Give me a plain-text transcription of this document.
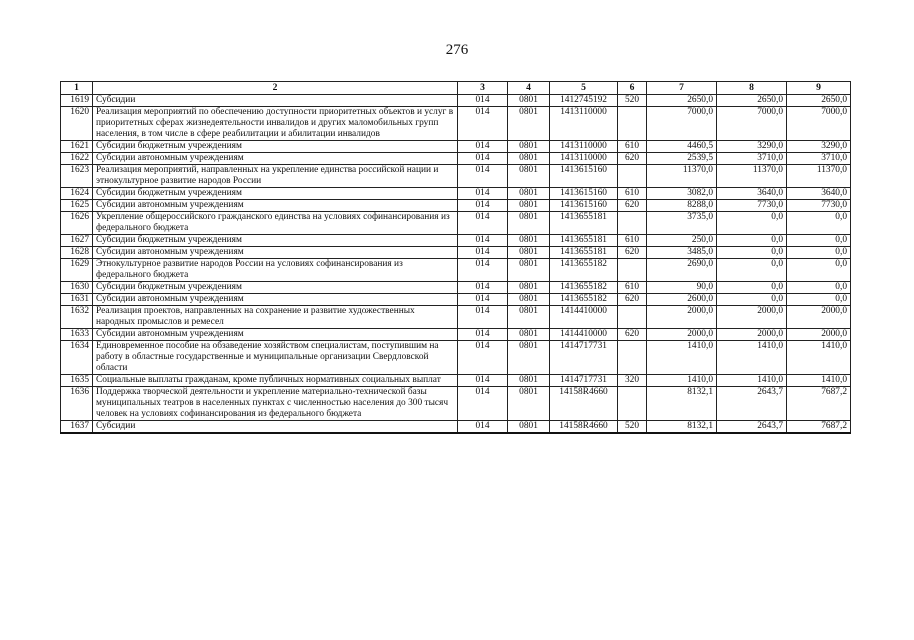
276
1	2	3	4	5	6	7	8	9
1619	Субсидии	014	0801	1412745192	520	2650,0	2650,0	2650,0
1620	Реализация мероприятий по обеспечению доступности приоритетных объектов и услуг в приоритетных сферах жизнедеятельности инвалидов и других маломобильных групп населения, в том числе в сфере реабилитации и абилитации инвалидов	014	0801	1413110000		7000,0	7000,0	7000,0
1621	Субсидии бюджетным учреждениям	014	0801	1413110000	610	4460,5	3290,0	3290,0
1622	Субсидии автономным учреждениям	014	0801	1413110000	620	2539,5	3710,0	3710,0
1623	Реализация мероприятий, направленных на укрепление единства российской нации и этнокультурное развитие народов России	014	0801	1413615160		11370,0	11370,0	11370,0
1624	Субсидии бюджетным учреждениям	014	0801	1413615160	610	3082,0	3640,0	3640,0
1625	Субсидии автономным учреждениям	014	0801	1413615160	620	8288,0	7730,0	7730,0
1626	Укрепление общероссийского гражданского единства на условиях софинансирования из федерального бюджета	014	0801	1413655181		3735,0	0,0	0,0
1627	Субсидии бюджетным учреждениям	014	0801	1413655181	610	250,0	0,0	0,0
1628	Субсидии автономным учреждениям	014	0801	1413655181	620	3485,0	0,0	0,0
1629	Этнокультурное развитие народов России на условиях софинансирования из федерального бюджета	014	0801	1413655182		2690,0	0,0	0,0
1630	Субсидии бюджетным учреждениям	014	0801	1413655182	610	90,0	0,0	0,0
1631	Субсидии автономным учреждениям	014	0801	1413655182	620	2600,0	0,0	0,0
1632	Реализация проектов, направленных на сохранение и развитие художественных народных промыслов и ремесел	014	0801	1414410000		2000,0	2000,0	2000,0
1633	Субсидии автономным учреждениям	014	0801	1414410000	620	2000,0	2000,0	2000,0
1634	Единовременное пособие на обзаведение хозяйством специалистам, поступившим на работу в областные государственные и муниципальные организации Свердловской области	014	0801	1414717731		1410,0	1410,0	1410,0
1635	Социальные выплаты гражданам, кроме публичных нормативных социальных выплат	014	0801	1414717731	320	1410,0	1410,0	1410,0
1636	Поддержка творческой деятельности и укрепление материально-технической базы муниципальных театров в населенных пунктах с численностью населения до 300 тысяч человек на условиях софинансирования из федерального бюджета	014	0801	14158R4660		8132,1	2643,7	7687,2
1637	Субсидии	014	0801	14158R4660	520	8132,1	2643,7	7687,2
